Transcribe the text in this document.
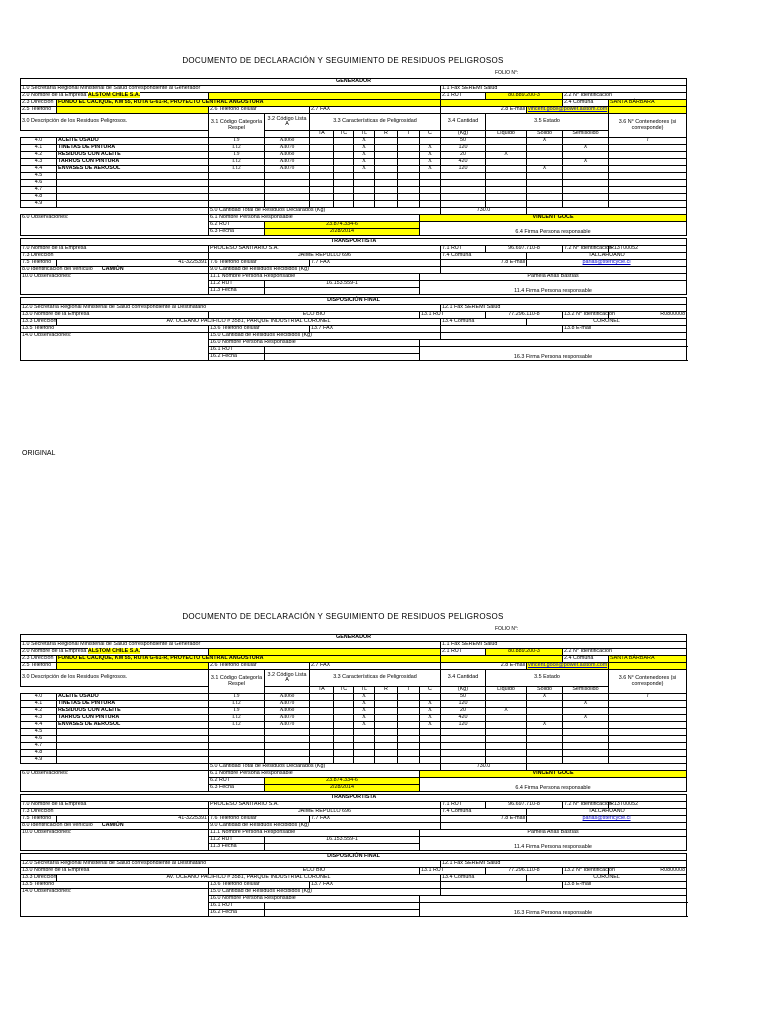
DOCUMENTO DE DECLARACIÓN Y SEGUIMIENTO DE RESIDUOS PELIGROSOS
FOLIO N°:
GENERADOR														
1.0 Secretaría Regional Ministerial de Salud correspondiente al Generador										1.1 Fax SEREMI Salud				
2.0 Nombre de la Empresa ALSTOM CHILE S.A.										2.1 RUT	80.889.200-3		2.2 N° Identificación	
2.3 Dirección	FUNDO EL CACIQUE, KM 55, RUTA G-61-R, PROYECTO CENTRAL ANGOSTURA												2.4 Comuna	SANTA BÁRBARA
2.5 Teléfono		2.6 Teléfono celular		2.7 FAX						2.8 E-mail		vincent.goce@power.alstom.com		
3.0 Descripción de los Residuos Peligrosos.		3.1 Código Categoría Respel	3.2 Código Lista A	3.3 Características de Peligrosidad						3.4 Cantidad	3.5 Estado			3.6 N° Contenedores (si corresponde)
				TA	TC	TL	R	I	C	(Kg)	Líquido	Sólido	Semisólido	
4.0	ACEITE USADO	I.9	A4060			X				50		X		7
4.1	TINETAS DE PINTURA	I.12	A4070			X			X	120			X	
4.2	RESIDUOS CON ACEITE	I.9	A4060			X			X	20	X			
4.3	TARROS CON PINTURA	I.12	A4070			X			X	420			X	
4.4	ENVASES DE AEROSOL	I.12	A4070			X			X	120		X		
4.5														
4.6														
4.7														
4.8														
4.9														
		5.0 Cantidad Total de Residuos Declarados (Kg)								730.0				
6.0 Observaciones:		6.1 Nombre Persona Responsable							VINCENT GOCE					
		6.2 RUT	23.874.334-6						6.4 Firma Persona responsable					
		6.3 Fecha	2/28/2014											

TRANSPORTISTA														
7.0 Nombre de la Empresa		PROCESO SANITARIO S.A.								7.1 RUT	96.697.710-8		7.2 N° Identificación	R13T00052
7.3 Dirección		JAIME REPULLO 696								7.4 Comuna		TALCAHUANO		
7.5 Teléfono	41-3225391	7.6 Teléfono celular		7.7 FAX						7.8 E-mail		parias@stericycle.cl		
8.0 Identificación del vehículo CAMIÓN		9.0 Cantidad de Residuos Recibidos (Kg)												
10.0 Observaciones:		11.1 Nombre Persona Responsable							Pamela Arias Bastías					
		11.2 RUT	16.153.559-1						11.4 Firma Persona responsable					
		11.3 Fecha												

DISPOSICIÓN FINAL														
12.0 Secretaría Regional Ministerial de Salud correspondiente al Destinatario										12.1 Fax SEREMI Salud				
13.0 Nombre de la Empresa		ECO BIO							13.1 RUT		77.296.110-8		13.2 N° Identificación	R0800008
13.3 Dirección	AV. OCEANO PACIFICO # 3581, PARQUE INDUSTRIAL CORONEL									13.4 Comuna		CORONEL		
13.5 Teléfono		13.6 Teléfono celular		13.7 FAX									13.8 E-mail	
14.0 Observaciones:		15.0 Cantidad de Residuos Recibidos (Kg)												
		16.0 Nombre Persona Responsable												
		16.1 RUT							16.3 Firma Persona responsable					
		16.2 Fecha												
ORIGINAL
DOCUMENTO DE DECLARACIÓN Y SEGUIMIENTO DE RESIDUOS PELIGROSOS
FOLIO N°:
GENERADOR														
1.0 Secretaría Regional Ministerial de Salud correspondiente al Generador										1.1 Fax SEREMI Salud				
2.0 Nombre de la Empresa ALSTOM CHILE S.A.										2.1 RUT	80.889.200-3		2.2 N° Identificación	
2.3 Dirección	FUNDO EL CACIQUE, KM 55, RUTA G-61-R, PROYECTO CENTRAL ANGOSTURA												2.4 Comuna	SANTA BÁRBARA
2.5 Teléfono		2.6 Teléfono celular		2.7 FAX						2.8 E-mail		vincent.goce@power.alstom.com		
3.0 Descripción de los Residuos Peligrosos.		3.1 Código Categoría Respel	3.2 Código Lista A	3.3 Características de Peligrosidad						3.4 Cantidad	3.5 Estado			3.6 N° Contenedores (si corresponde)
				TA	TC	TL	R	I	C	(Kg)	Líquido	Sólido	Semisólido	
4.0	ACEITE USADO	I.9	A4060			X				50		X		7
4.1	TINETAS DE PINTURA	I.12	A4070			X			X	120			X	
4.2	RESIDUOS CON ACEITE	I.9	A4060			X			X	20	X			
4.3	TARROS CON PINTURA	I.12	A4070			X			X	420			X	
4.4	ENVASES DE AEROSOL	I.12	A4070			X			X	120		X		
4.5														
4.6														
4.7														
4.8														
4.9														
		5.0 Cantidad Total de Residuos Declarados (Kg)								730.0				
6.0 Observaciones:		6.1 Nombre Persona Responsable							VINCENT GOCE					
		6.2 RUT	23.874.334-6						6.4 Firma Persona responsable					
		6.3 Fecha	2/28/2014											

TRANSPORTISTA														
7.0 Nombre de la Empresa		PROCESO SANITARIO S.A.								7.1 RUT	96.697.710-8		7.2 N° Identificación	R13T00052
7.3 Dirección		JAIME REPULLO 696								7.4 Comuna		TALCAHUANO		
7.5 Teléfono	41-3225391	7.6 Teléfono celular		7.7 FAX						7.8 E-mail		parias@stericycle.cl		
8.0 Identificación del vehículo CAMIÓN		9.0 Cantidad de Residuos Recibidos (Kg)												
10.0 Observaciones:		11.1 Nombre Persona Responsable							Pamela Arias Bastías					
		11.2 RUT	16.153.559-1						11.4 Firma Persona responsable					
		11.3 Fecha												

DISPOSICIÓN FINAL														
12.0 Secretaría Regional Ministerial de Salud correspondiente al Destinatario										12.1 Fax SEREMI Salud				
13.0 Nombre de la Empresa		ECO BIO							13.1 RUT		77.296.110-8		13.2 N° Identificación	R0800008
13.3 Dirección	AV. OCEANO PACIFICO # 3581, PARQUE INDUSTRIAL CORONEL									13.4 Comuna		CORONEL		
13.5 Teléfono		13.6 Teléfono celular		13.7 FAX									13.8 E-mail	
14.0 Observaciones:		15.0 Cantidad de Residuos Recibidos (Kg)												
		16.0 Nombre Persona Responsable												
		16.1 RUT							16.3 Firma Persona responsable					
		16.2 Fecha												
